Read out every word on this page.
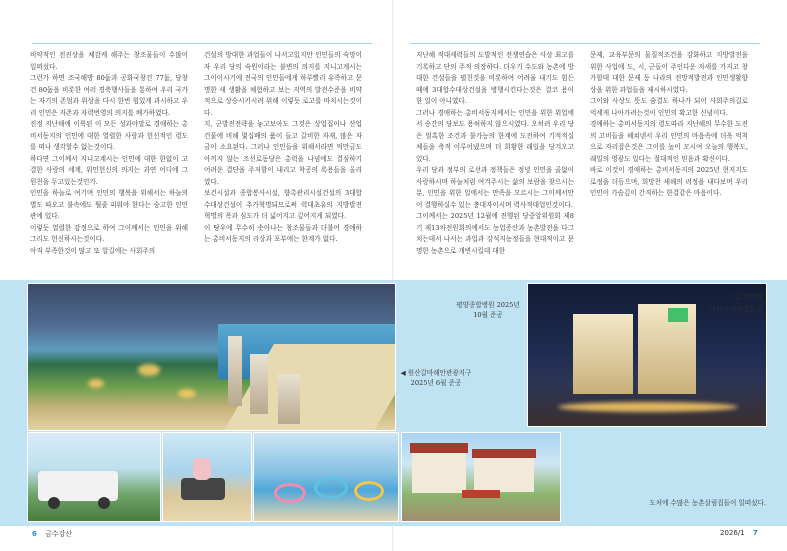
비약적인 전진상을 체감케 해주는 창조물들이 수많이 일떠섰다.

그런가 하면 조국해방 80돐과 공화국창건 77돐, 당창건 80돐을 비롯한 여러 경축행사들을 통하여 우리 국가는 자기의 존엄과 위상을 다시 한번 힘있게 과시하고 우리 인민은 자존과 자력번영의 의지를 배가하였다.

진정 지난해에 이룩된 이 모든 성과야말로 경애하는 총비서동지의 인민에 대한 열렬한 사랑과 헌신적인 령도를 떠나 생각할수 없는것이다.

하다면 그이께서 지니고계시는 인민에 대한 한없이 고결한 사랑의 세계, 위민헌신의 의지는 과연 어디에 그 원천을 두고있는것인가.

인민을 하늘로 여기며 인민의 행복을 위해서는 하늘의 별도 따오고 불속에도 뛸줄 피워야 한다는 숭고한 인민관에 있다.

이렇듯 열렬한 감정으로 하여 그이께서는 인민을 위해 그리도 헌신하시는것이다.

아직 부족한것이 많고 또 알길에는 사회주의

건설의 방대한 과업들이 나서고있지만 인민들의 숙망이자 우리 당의 숙원이라는 불변의 의지를 지니고계시는 그이이시기에 전국의 인민들에게 하루빨리 유족하고 문명한 새 생활을 체험하고 보는 지역의 발전수준을 비약적으로 상승시키시려 위해 이렇듯 로고를 바치시는것이다.

지, 군발전전략을 놓고보아도 그것은 상업집이나 산업건물에 비해 몇십배의 품이 들고 갈비한 자재, 많은 자금이 소요된다. 그러나 인민들을 위해서라면 억만금도 아끼지 않는 조선로동당은 총력을 나념에도 결심하기 어려운 결단을 주저함이 내리고 착공의 록용들을 올리였다.

보건시설과 종합봉사시설, 향촉관리시설건설의 3대합수대상건설이 추가혁명되므로써 력대초유의 지방발전혁명의 폭과 심도가 더 넓어지고 깊어지게 되였다.

이 땅우에 무수히 솟아나는 창조물들과 더불어 경애하는 총비서동지의 리상과 포부에는 한계가 없다.

지난해 적대세력들의 도발적인 전쟁연습은 사상 최고를 기록하고 단의 주적 의장하다. 더우기 수도와 농촌에 방대한 건설들을 펼친것을 비롯하여 어려울 내기도 힘든 때에 3대합수대상건설을 병행시킨다는것은 결코 용이한 일이 아니였다.

그러나 경애하는 총비서동지께서는 인민을 위한 위업에서 승간의 당보도 용허하지 않으시였다. 오히려 우리 당은 엄혹한 조건과 불가능의 한계에 도전하여 기적적실체들을 축적 이루어냈으며 더 희황한 래일을 당겨오고있다.

우리 당과 정부의 로선과 정책들은 정녕 인민을 골없이 사랑하시며 하늘처럼 여겨주시는 삶의 보람을 찾으시는분, 인민을 위한 일에서는 만족을 모르시는 그이께서만이 결행하실수 있는 충대자이시며 력사적대업인것이다.

그이께서는 2025년 12월에 진행된 당중앙위원회 제8기 제13차전원회의에서도 농업증산과 농촌발전을 다그치는데서 나서는 과업과 강석지농정들을 현대적이고 문명한 농촌으로 개변시킬데 대한

문제, 교육부문의 물질적조건을 강화하고 지방발전을 위한 사업에 도, 시, 군들이 주인다운 자세를 가지고 창가할데 대한 문제 등 나라의 전망적발전과 인민생활향상을 위한 과업들을 제시하시였다.

그이와 사상도 뜻도 숨결도 하나가 되어 사회주의길로 억세게 나아가려는것이 인민의 확고한 신념이다.

경애하는 총비서동지의 령도따라 지난해의 무수한 도전의 고비들을 헤쳐넨서 우리 인민의 마음속에 더욱 억척으로 자리잡은것은 그이를 높이 모시여 오늘의 행복도, 래일의 영광도 있다는 절대적인 믿음과 확신이다.

바로 이것이 경애하는 총비서동지의 2025년 현지지도로정을 더듬으며, 희망찬 새해의 려정을 내다보며 우리 인민이 가슴깊이 간직하는 한결같은 마음이다.

평양종합병원 2025년 10월 준공
◀ 원산갈마해안관광지구 2025년 6월 준공
도처에 수많은 농촌살림집들이 일떠섰다.
글 변진혁
사진 조선중앙통신
6 금수강산	2026/1 7
